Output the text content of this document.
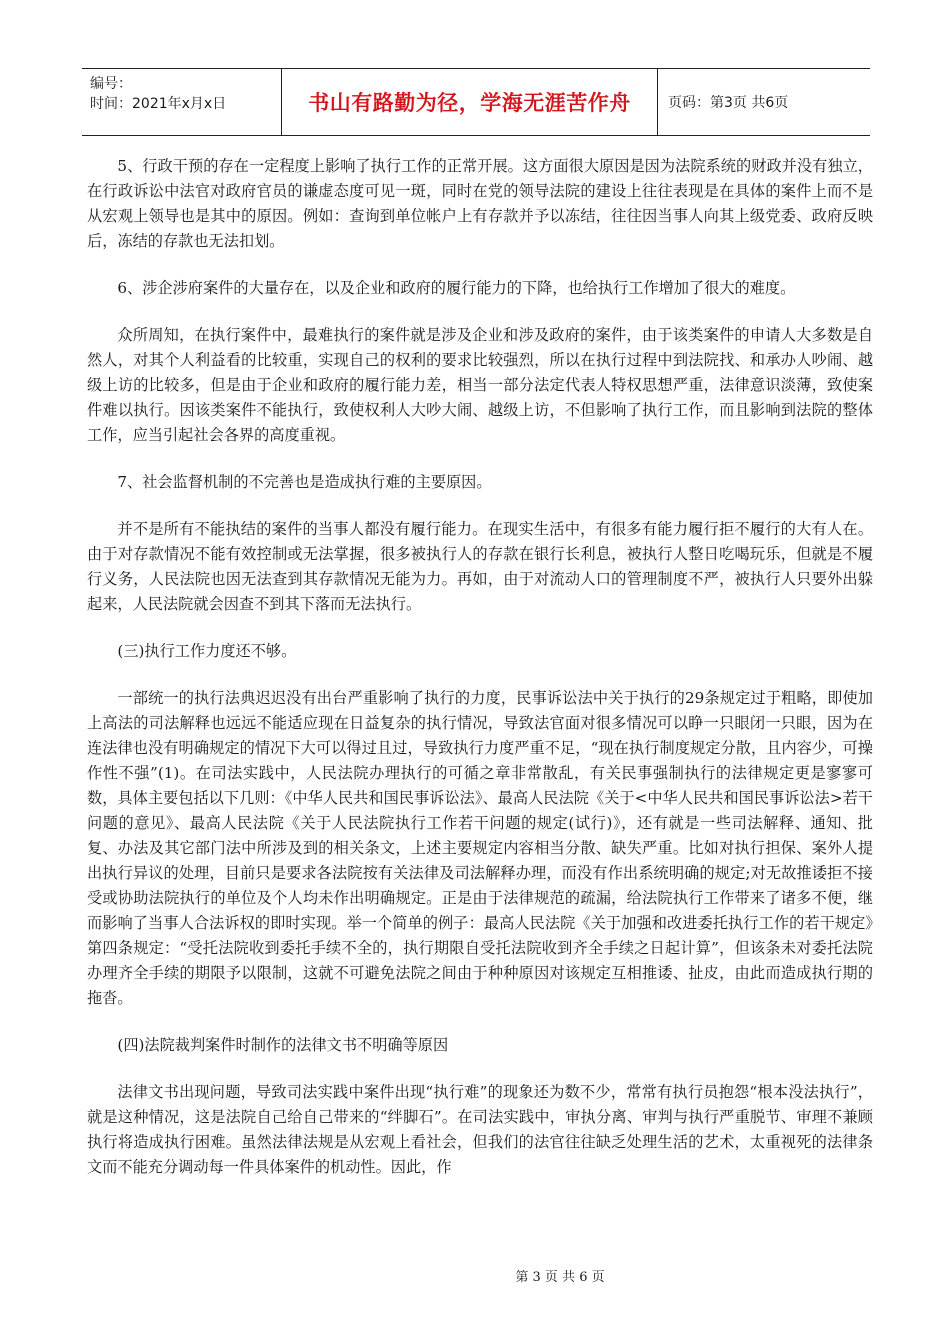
编号：
时间：2021年x月x日	书山有路勤为径，学海无涯苦作舟	页码：第3页 共6页

5、行政干预的存在一定程度上影响了执行工作的正常开展。这方面很大原因是因为法院系统的财政并没有独立， 在行政诉讼中法官对政府官员的谦虚态度可见一斑，同时在党的领导法院的建设上往往表现是在具体的案件上而不是从宏观上领导也是其中的原因。例如：查询到单位帐户上有存款并予以冻结，往往因当事人向其上级党委、政府反映后，冻结的存款也无法扣划。

6、涉企涉府案件的大量存在，以及企业和政府的履行能力的下降，也给执行工作增加了很大的难度。

众所周知，在执行案件中，最难执行的案件就是涉及企业和涉及政府的案件，由于该类案件的申请人大多数是自然人，对其个人利益看的比较重，实现自己的权利的要求比较强烈，所以在执行过程中到法院找、和承办人吵闹、越级上访的比较多，但是由于企业和政府的履行能力差，相当一部分法定代表人特权思想严重，法律意识淡薄，致使案件难以执行。因该类案件不能执行，致使权利人大吵大闹、越级上访，不但影响了执行工作，而且影响到法院的整体工作，应当引起社会各界的高度重视。

7、社会监督机制的不完善也是造成执行难的主要原因。

并不是所有不能执结的案件的当事人都没有履行能力。在现实生活中，有很多有能力履行拒不履行的大有人在。由于对存款情况不能有效控制或无法掌握，很多被执行人的存款在银行长利息，被执行人整日吃喝玩乐，但就是不履行义务，人民法院也因无法查到其存款情况无能为力。再如，由于对流动人口的管理制度不严，被执行人只要外出躲起来，人民法院就会因查不到其下落而无法执行。

(三)执行工作力度还不够。

一部统一的执行法典迟迟没有出台严重影响了执行的力度，民事诉讼法中关于执行的29条规定过于粗略，即使加上高法的司法解释也远远不能适应现在日益复杂的执行情况，导致法官面对很多情况可以睁一只眼闭一只眼，因为在连法律也没有明确规定的情况下大可以得过且过，导致执行力度严重不足，“现在执行制度规定分散，且内容少，可操作性不强”(1)。在司法实践中，人民法院办理执行的可循之章非常散乱，有关民事强制执行的法律规定更是寥寥可数，具体主要包括以下几则：《中华人民共和国民事诉讼法》、最高人民法院《关于<中华人民共和国民事诉讼法>若干问题的意见》、最高人民法院《关于人民法院执行工作若干问题的规定(试行)》，还有就是一些司法解释、通知、批复、办法及其它部门法中所涉及到的相关条文，上述主要规定内容相当分散、缺失严重。比如对执行担保、案外人提出执行异议的处理，目前只是要求各法院按有关法律及司法解释办理，而没有作出系统明确的规定;对无故推诿拒不接受或协助法院执行的单位及个人均未作出明确规定。正是由于法律规范的疏漏，给法院执行工作带来了诸多不便，继而影响了当事人合法诉权的即时实现。举一个简单的例子：最高人民法院《关于加强和改进委托执行工作的若干规定》第四条规定：“受托法院收到委托手续不全的，执行期限自受托法院收到齐全手续之日起计算”，但该条未对委托法院办理齐全手续的期限予以限制，这就不可避免法院之间由于种种原因对该规定互相推诿、扯皮，由此而造成执行期的拖沓。

(四)法院裁判案件时制作的法律文书不明确等原因

法律文书出现问题，导致司法实践中案件出现“执行难”的现象还为数不少，常常有执行员抱怨“根本没法执行”，就是这种情况，这是法院自己给自己带来的“绊脚石”。在司法实践中，审执分离、审判与执行严重脱节、审理不兼顾执行将造成执行困难。虽然法律法规是从宏观上看社会，但我们的法官往往缺乏处理生活的艺术，太重视死的法律条文而不能充分调动每一件具体案件的机动性。因此，作

第 3 页 共 6 页
